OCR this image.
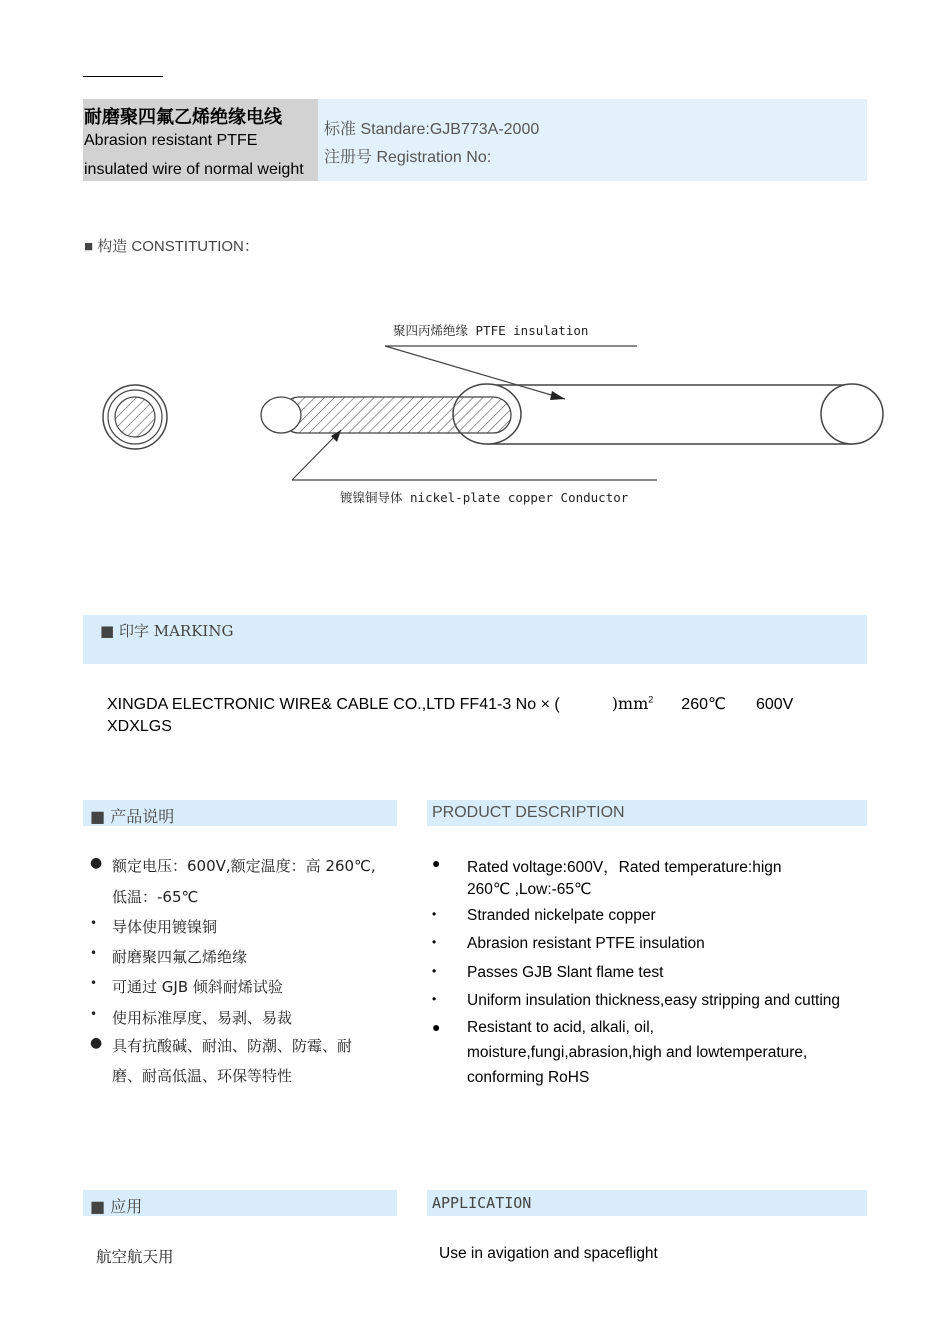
耐磨聚四氟乙烯绝缘电线
Abrasion resistant PTFE
insulated wire of normal weight
标准 Standare:GJB773A-2000
注册号 Registration No:
■ 构造 CONSTITUTION：
聚四丙烯绝缘 PTFE insulation
镀镍铜导体 nickel-plate copper Conductor
■ 印字 MARKING
XINGDA ELECTRONIC WIRE& CABLE CO.,LTD FF41-3 No × (	)$mm^2$ 260℃ 600V
XDXLGS
■ 产品说明	PRODUCT DESCRIPTION
● 额定电压：600V,额定温度：高 260℃,
低温：-65℃
• 导体使用镀镍铜
• 耐磨聚四氟乙烯绝缘
• 可通过 GJB 倾斜耐烯试验
• 使用标准厚度、易剥、易裁
● 具有抗酸碱、耐油、防潮、防霉、耐
磨、耐高低温、环保等特性
● Rated voltage:600V，Rated temperature:hign
260℃ ,Low:-65℃
• Stranded nickelpate copper
• Abrasion resistant PTFE insulation
• Passes GJB Slant flame test
• Uniform insulation thickness,easy stripping and cutting
● Resistant to acid, alkali, oil,
moisture,fungi,abrasion,high and lowtemperature,
conforming RoHS
■ 应用	APPLICATION
航空航天用	Use in avigation and spaceflight
